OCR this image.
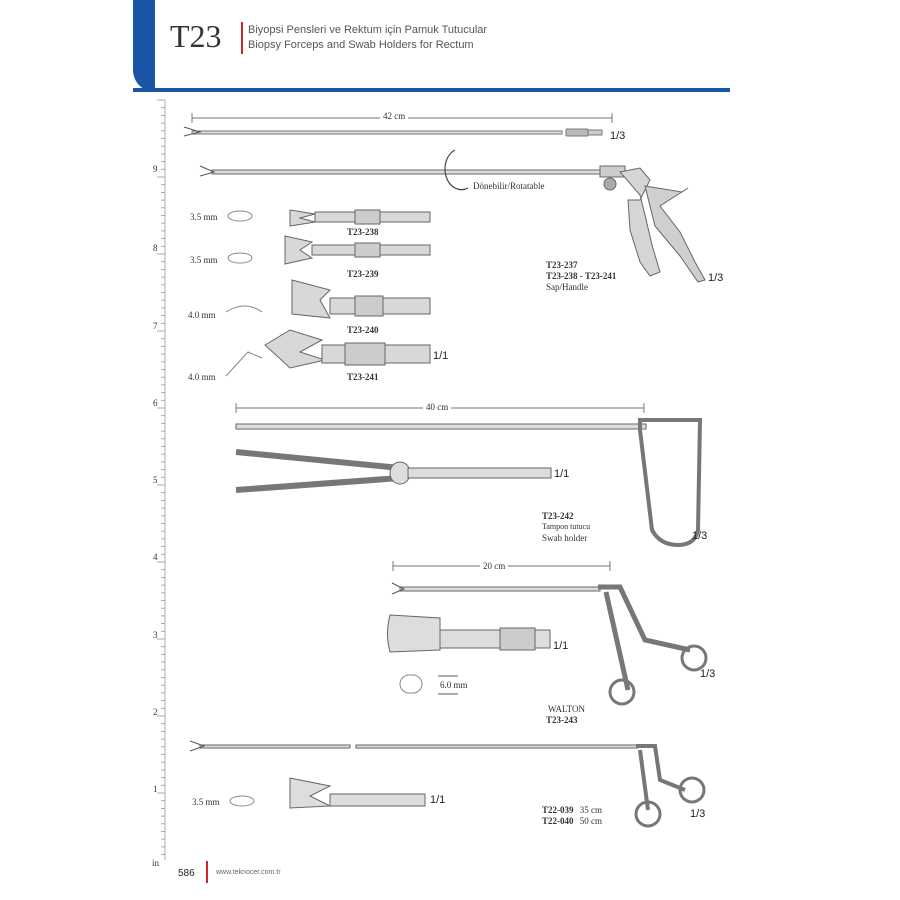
T23 Biyopsi Pensleri ve Rektum için Pamuk Tutucular
Biopsy Forceps and Swab Holders for Rectum
9
8
7
6
5
4
3
2
1
in
42 cm
1/3
Dönebilir/Rotatable
3.5 mm
T23-238
3.5 mm
T23-239
4.0 mm
T23-240
4.0 mm	T23-241
1/1
T23-237
T23-238 - T23-241
Sap/Handle
1/3
40 cm
1/1
T23-242
Tampon tutucu
Swab holder	1/3
20 cm
1/1
6.0 mm
1/3
WALTON
T23-243
3.5 mm	1/1
1/3
T22-039 35 cm
T22-040 50 cm
586	www.teknocer.com.tr
